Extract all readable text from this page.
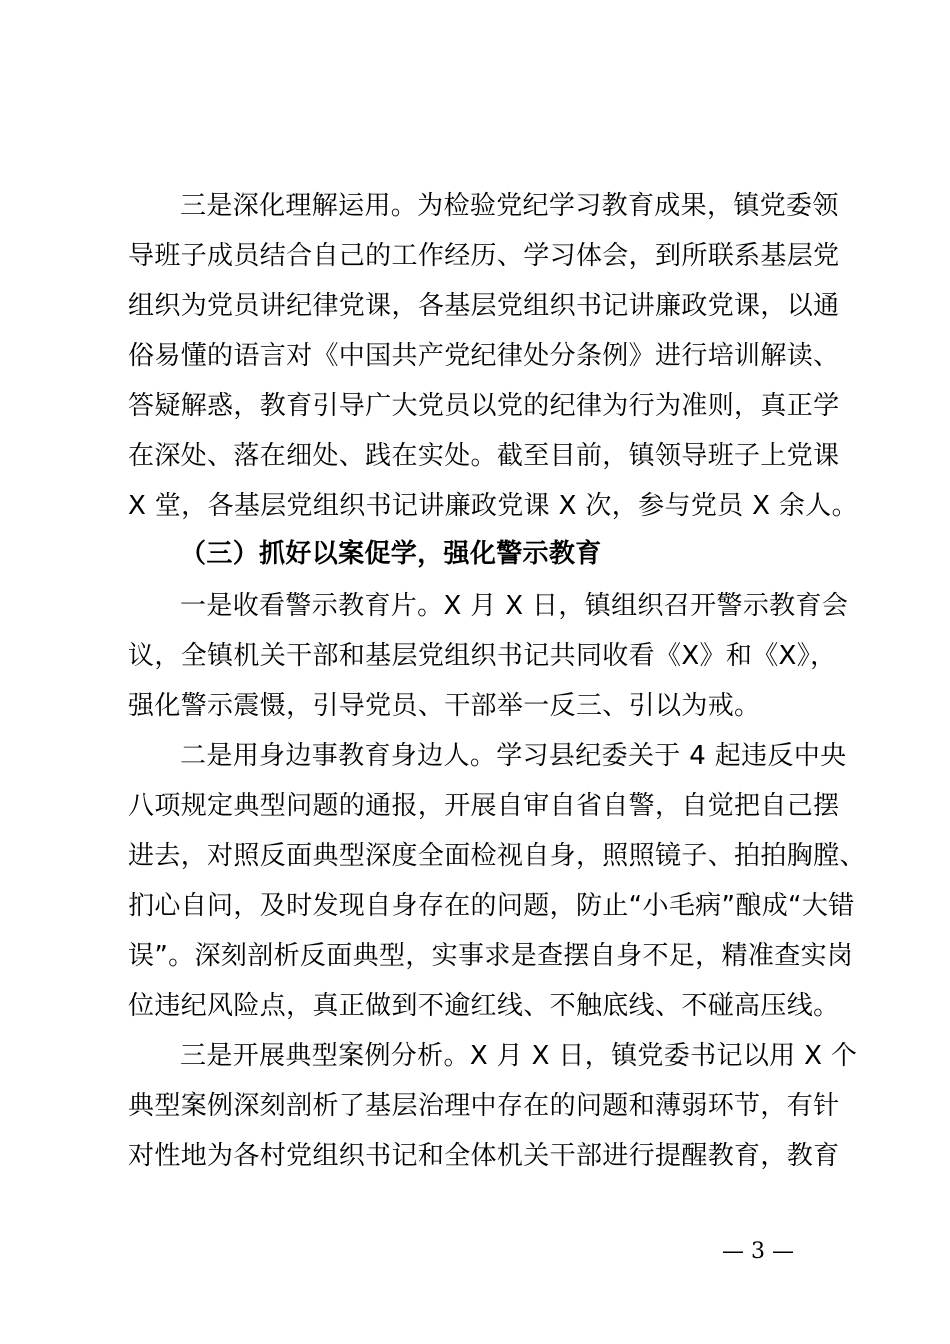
三是深化理解运用。为检验党纪学习教育成果，镇党委领
导班子成员结合自己的工作经历、学习体会，到所联系基层党
组织为党员讲纪律党课，各基层党组织书记讲廉政党课，以通
俗易懂的语言对《中国共产党纪律处分条例》进行培训解读、
答疑解惑，教育引导广大党员以党的纪律为行为准则，真正学
在深处、落在细处、践在实处。截至目前，镇领导班子上党课
X 堂，各基层党组织书记讲廉政党课 X 次，参与党员 X 余人。
（三）抓好以案促学，强化警示教育
一是收看警示教育片。X 月 X 日，镇组织召开警示教育会
议，全镇机关干部和基层党组织书记共同收看《X》和《X》，
强化警示震慑，引导党员、干部举一反三、引以为戒。
二是用身边事教育身边人。学习县纪委关于 4 起违反中央
八项规定典型问题的通报，开展自审自省自警，自觉把自己摆
进去，对照反面典型深度全面检视自身，照照镜子、拍拍胸膛、
扪心自问，及时发现自身存在的问题，防止“小毛病”酿成“大错
误”。深刻剖析反面典型，实事求是查摆自身不足，精准查实岗
位违纪风险点，真正做到不逾红线、不触底线、不碰高压线。
三是开展典型案例分析。X 月 X 日，镇党委书记以用 X 个
典型案例深刻剖析了基层治理中存在的问题和薄弱环节，有针
对性地为各村党组织书记和全体机关干部进行提醒教育，教育
— 3 —
